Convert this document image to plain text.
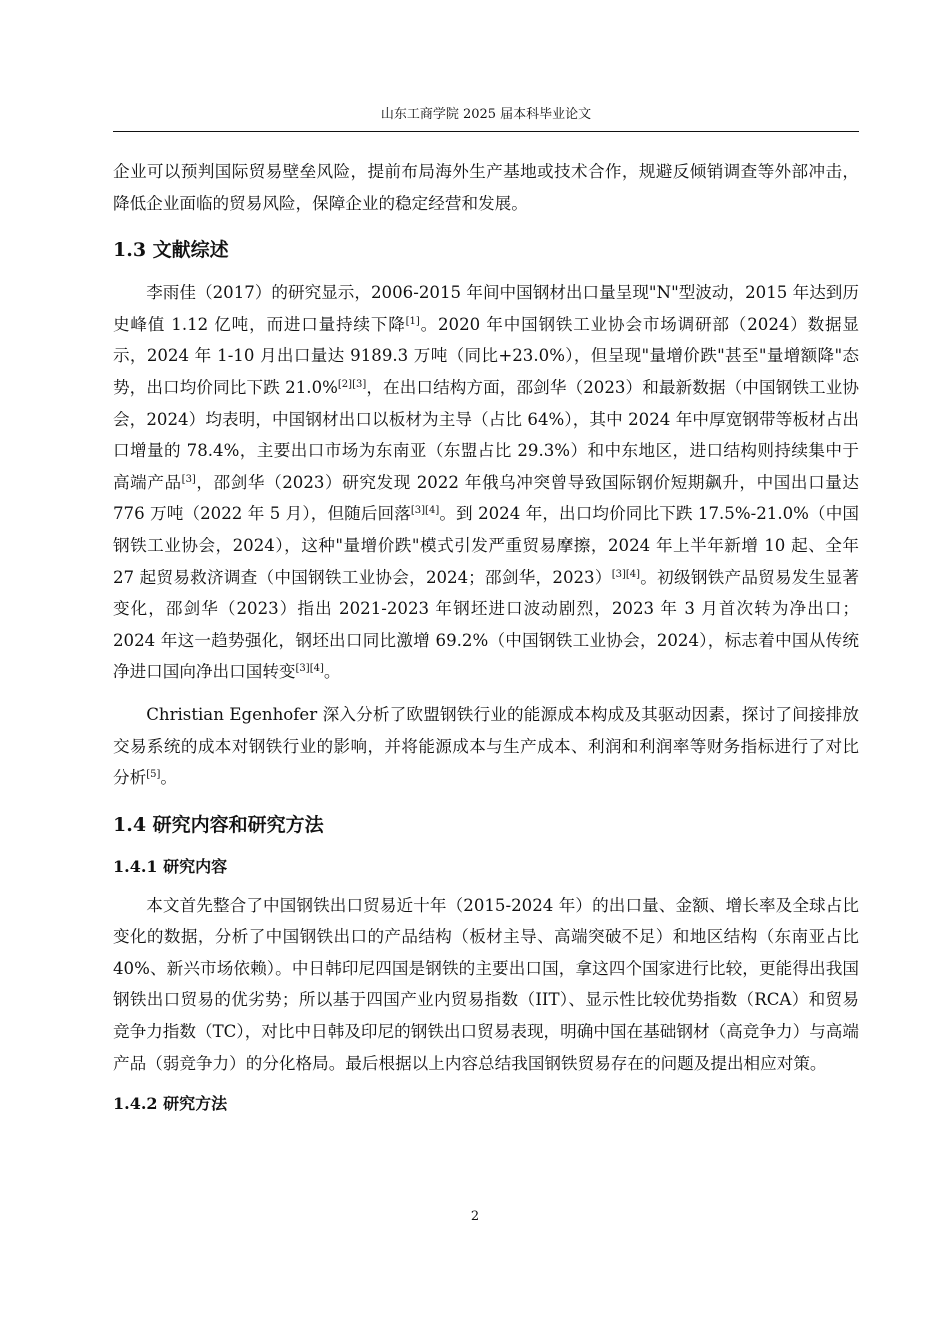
山东工商学院 2025 届本科毕业论文

企业可以预判国际贸易壁垒风险，提前布局海外生产基地或技术合作，规避反倾销调查等外部冲击，降低企业面临的贸易风险，保障企业的稳定经营和发展。

1.3 文献综述

李雨佳（2017）的研究显示，2006-2015 年间中国钢材出口量呈现"N"型波动，2015 年达到历史峰值 1.12 亿吨，而进口量持续下降[1]。2020 年中国钢铁工业协会市场调研部（2024）数据显示，2024 年 1-10 月出口量达 9189.3 万吨（同比+23.0%），但呈现"量增价跌"甚至"量增额降"态势，出口均价同比下跌 21.0%[2][3]，在出口结构方面，邵剑华（2023）和最新数据（中国钢铁工业协会，2024）均表明，中国钢材出口以板材为主导（占比 64%），其中 2024 年中厚宽钢带等板材占出口增量的 78.4%，主要出口市场为东南亚（东盟占比 29.3%）和中东地区，进口结构则持续集中于高端产品[3]，邵剑华（2023）研究发现 2022 年俄乌冲突曾导致国际钢价短期飙升，中国出口量达 776 万吨（2022 年 5 月），但随后回落[3][4]。到 2024 年，出口均价同比下跌 17.5%-21.0%（中国钢铁工业协会，2024），这种"量增价跌"模式引发严重贸易摩擦，2024 年上半年新增 10 起、全年 27 起贸易救济调查（中国钢铁工业协会，2024；邵剑华，2023）[3][4]。初级钢铁产品贸易发生显著变化，邵剑华（2023）指出 2021-2023 年钢坯进口波动剧烈，2023 年 3 月首次转为净出口；2024 年这一趋势强化，钢坯出口同比激增 69.2%（中国钢铁工业协会，2024），标志着中国从传统净进口国向净出口国转变[3][4]。

Christian Egenhofer 深入分析了欧盟钢铁行业的能源成本构成及其驱动因素，探讨了间接排放交易系统的成本对钢铁行业的影响，并将能源成本与生产成本、利润和利润率等财务指标进行了对比分析[5]。

1.4 研究内容和研究方法
1.4.1 研究内容

本文首先整合了中国钢铁出口贸易近十年（2015-2024 年）的出口量、金额、增长率及全球占比变化的数据，分析了中国钢铁出口的产品结构（板材主导、高端突破不足）和地区结构（东南亚占比 40%、新兴市场依赖）。中日韩印尼四国是钢铁的主要出口国，拿这四个国家进行比较，更能得出我国钢铁出口贸易的优劣势；所以基于四国产业内贸易指数（IIT）、显示性比较优势指数（RCA）和贸易竞争力指数（TC），对比中日韩及印尼的钢铁出口贸易表现，明确中国在基础钢材（高竞争力）与高端产品（弱竞争力）的分化格局。最后根据以上内容总结我国钢铁贸易存在的问题及提出相应对策。

1.4.2 研究方法
2
